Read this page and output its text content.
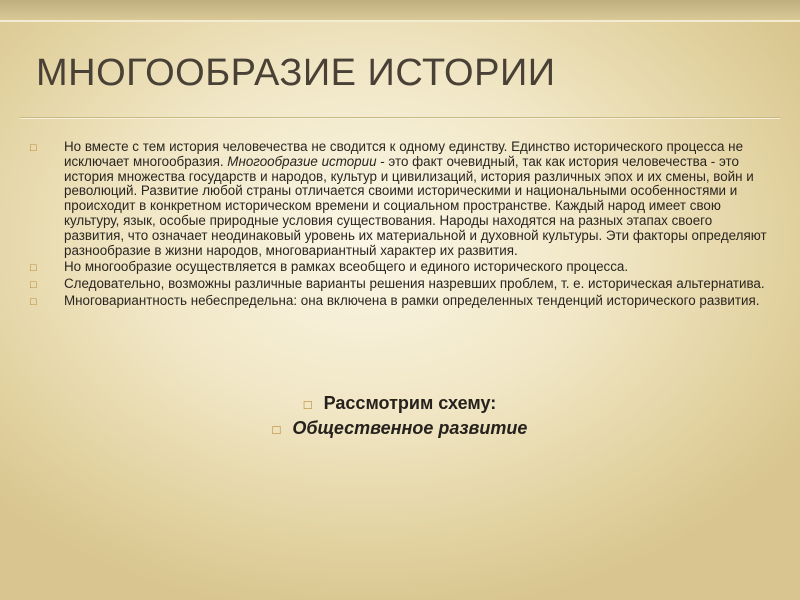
МНОГООБРАЗИЕ ИСТОРИИ
□	Но вместе с тем история человечества не сводится к одному единству. Единство исторического процесса не исключает многообразия. Многообразие истории - это факт очевидный, так как история человечества - это история множества государств и народов, культур и цивилизаций, история различных эпох и их смены, войн и революций. Развитие любой страны отличается своими историческими и национальными особенностями и происходит в конкретном историческом времени и социальном пространстве. Каждый народ имеет свою культуру, язык, особые природные условия существования. Народы находятся на разных этапах своего развития, что означает неодинаковый уровень их материальной и духовной культуры. Эти факторы определяют разнообразие в жизни народов, многовариантный характер их развития.
□	Но многообразие осуществляется в рамках всеобщего и единого исторического процесса.
□	Следовательно, возможны различные варианты решения назревших проблем, т. е. историческая альтернатива.
□	Многовариантность небеспредельна: она включена в рамки определенных тенденций исторического развития.
□ Рассмотрим схему:
□ Общественное развитие
